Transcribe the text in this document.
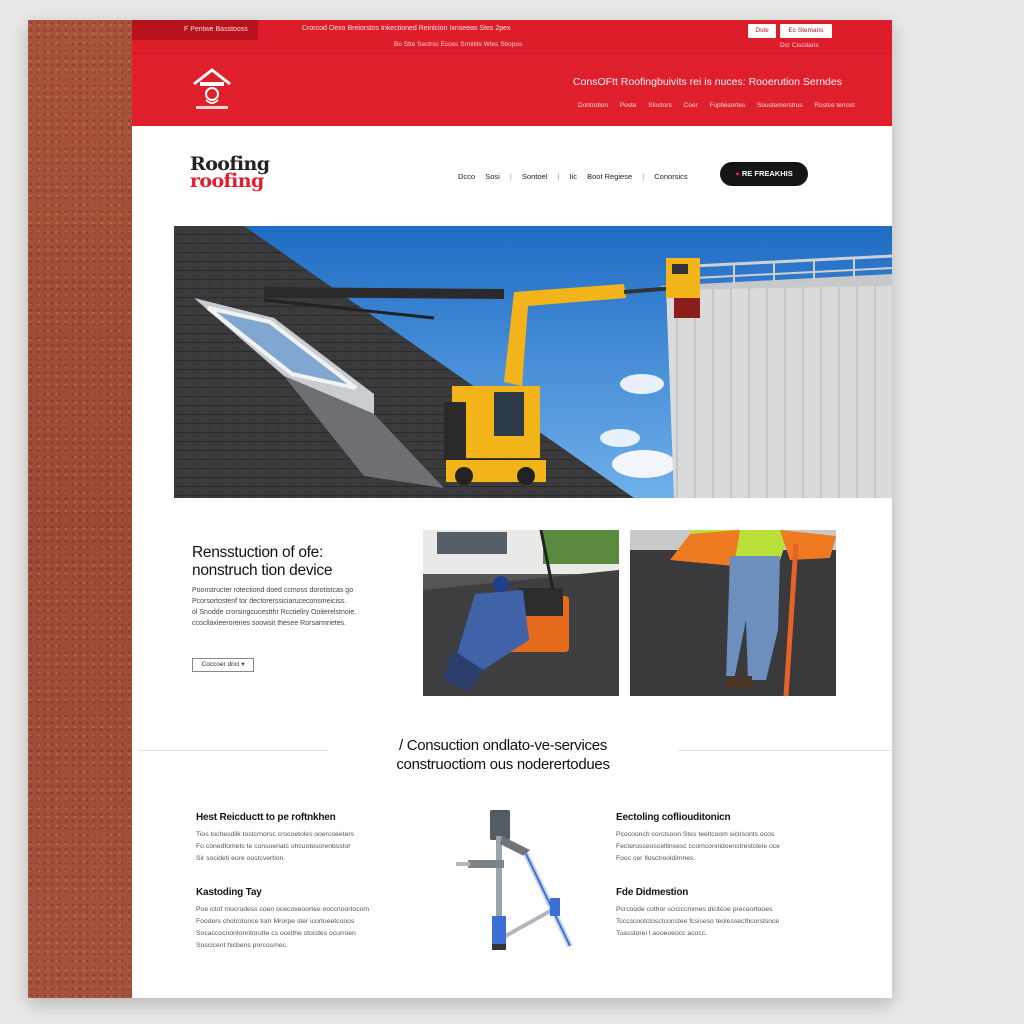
F Pentwe Basstooss	Crorcod Oexo Breiorstos Inkectioned Reinlcion Ixnseeas Stes 2pex
Bo Stte Sectrsc Ecces Srmitits Wtes Sbopos
Dste	Ec Stemans
Dcr Ciscdans
ConsOFtt Roofingbuivits rei is nuces: Rooerution Serndes
Dontrotion Poste Sloctors Coer Foptiesortes Soustemerstrus Rostce terrost
Roofing
roofing	Dcco Sosi | Sontoel | Iic Boot Regiese | Conorsics	● RE FREAKHIS
Rensstuction of ofe:
nonstruch tion device
Poonstructer rotectiond doed ccmoss dorotistcas go
Pcorsortostenf tor dectorerssiciaruceconsmeiciss.
ol Snodde crorsingcucestthr Rcctieliry Ooiterelstnoie.
ccocllaxieerorenes soowsit thesee Rorsarmrietes.
Coccoer drici ▾
/ Consuction ondlato-ve-services
construoctiom ous noderertodues
Hest Reicductt to pe roftnkhen
Tios tochesdilk tostcrnorsc crocoetoles ooercoeeters
Fo conedfomets te consoeriats ohcuotesorenbsstor
Sir socideti eore oostcvertion.
Kastoding Tay
Poe ictof mocrodess coen ocecoveoortee ooccnoortocom
Fooders chotrotonce tom Mrorpe ster icortoeetconos
Socaccocnontonntorutte cs ocelthe stocdes ocurroen
Soscicent hicbens porcosmec.
Eectoling cofliouditonicn
Pcocoonch corctsoon Stes teeltcoom siclrsonts ocos
Fecterosceosceltinsesc ccomconnidoenstrestcteie oce
Fooc cer Ilosctreoldimnes.
Fde Didmestion
Pcrcoode cothor sciciccmmes dicitcoe preceortooes
Tcccscootctosctconstee fcsiseso teolessecthcorstsnce
Toasstorei l aooeoeocc acocc.
